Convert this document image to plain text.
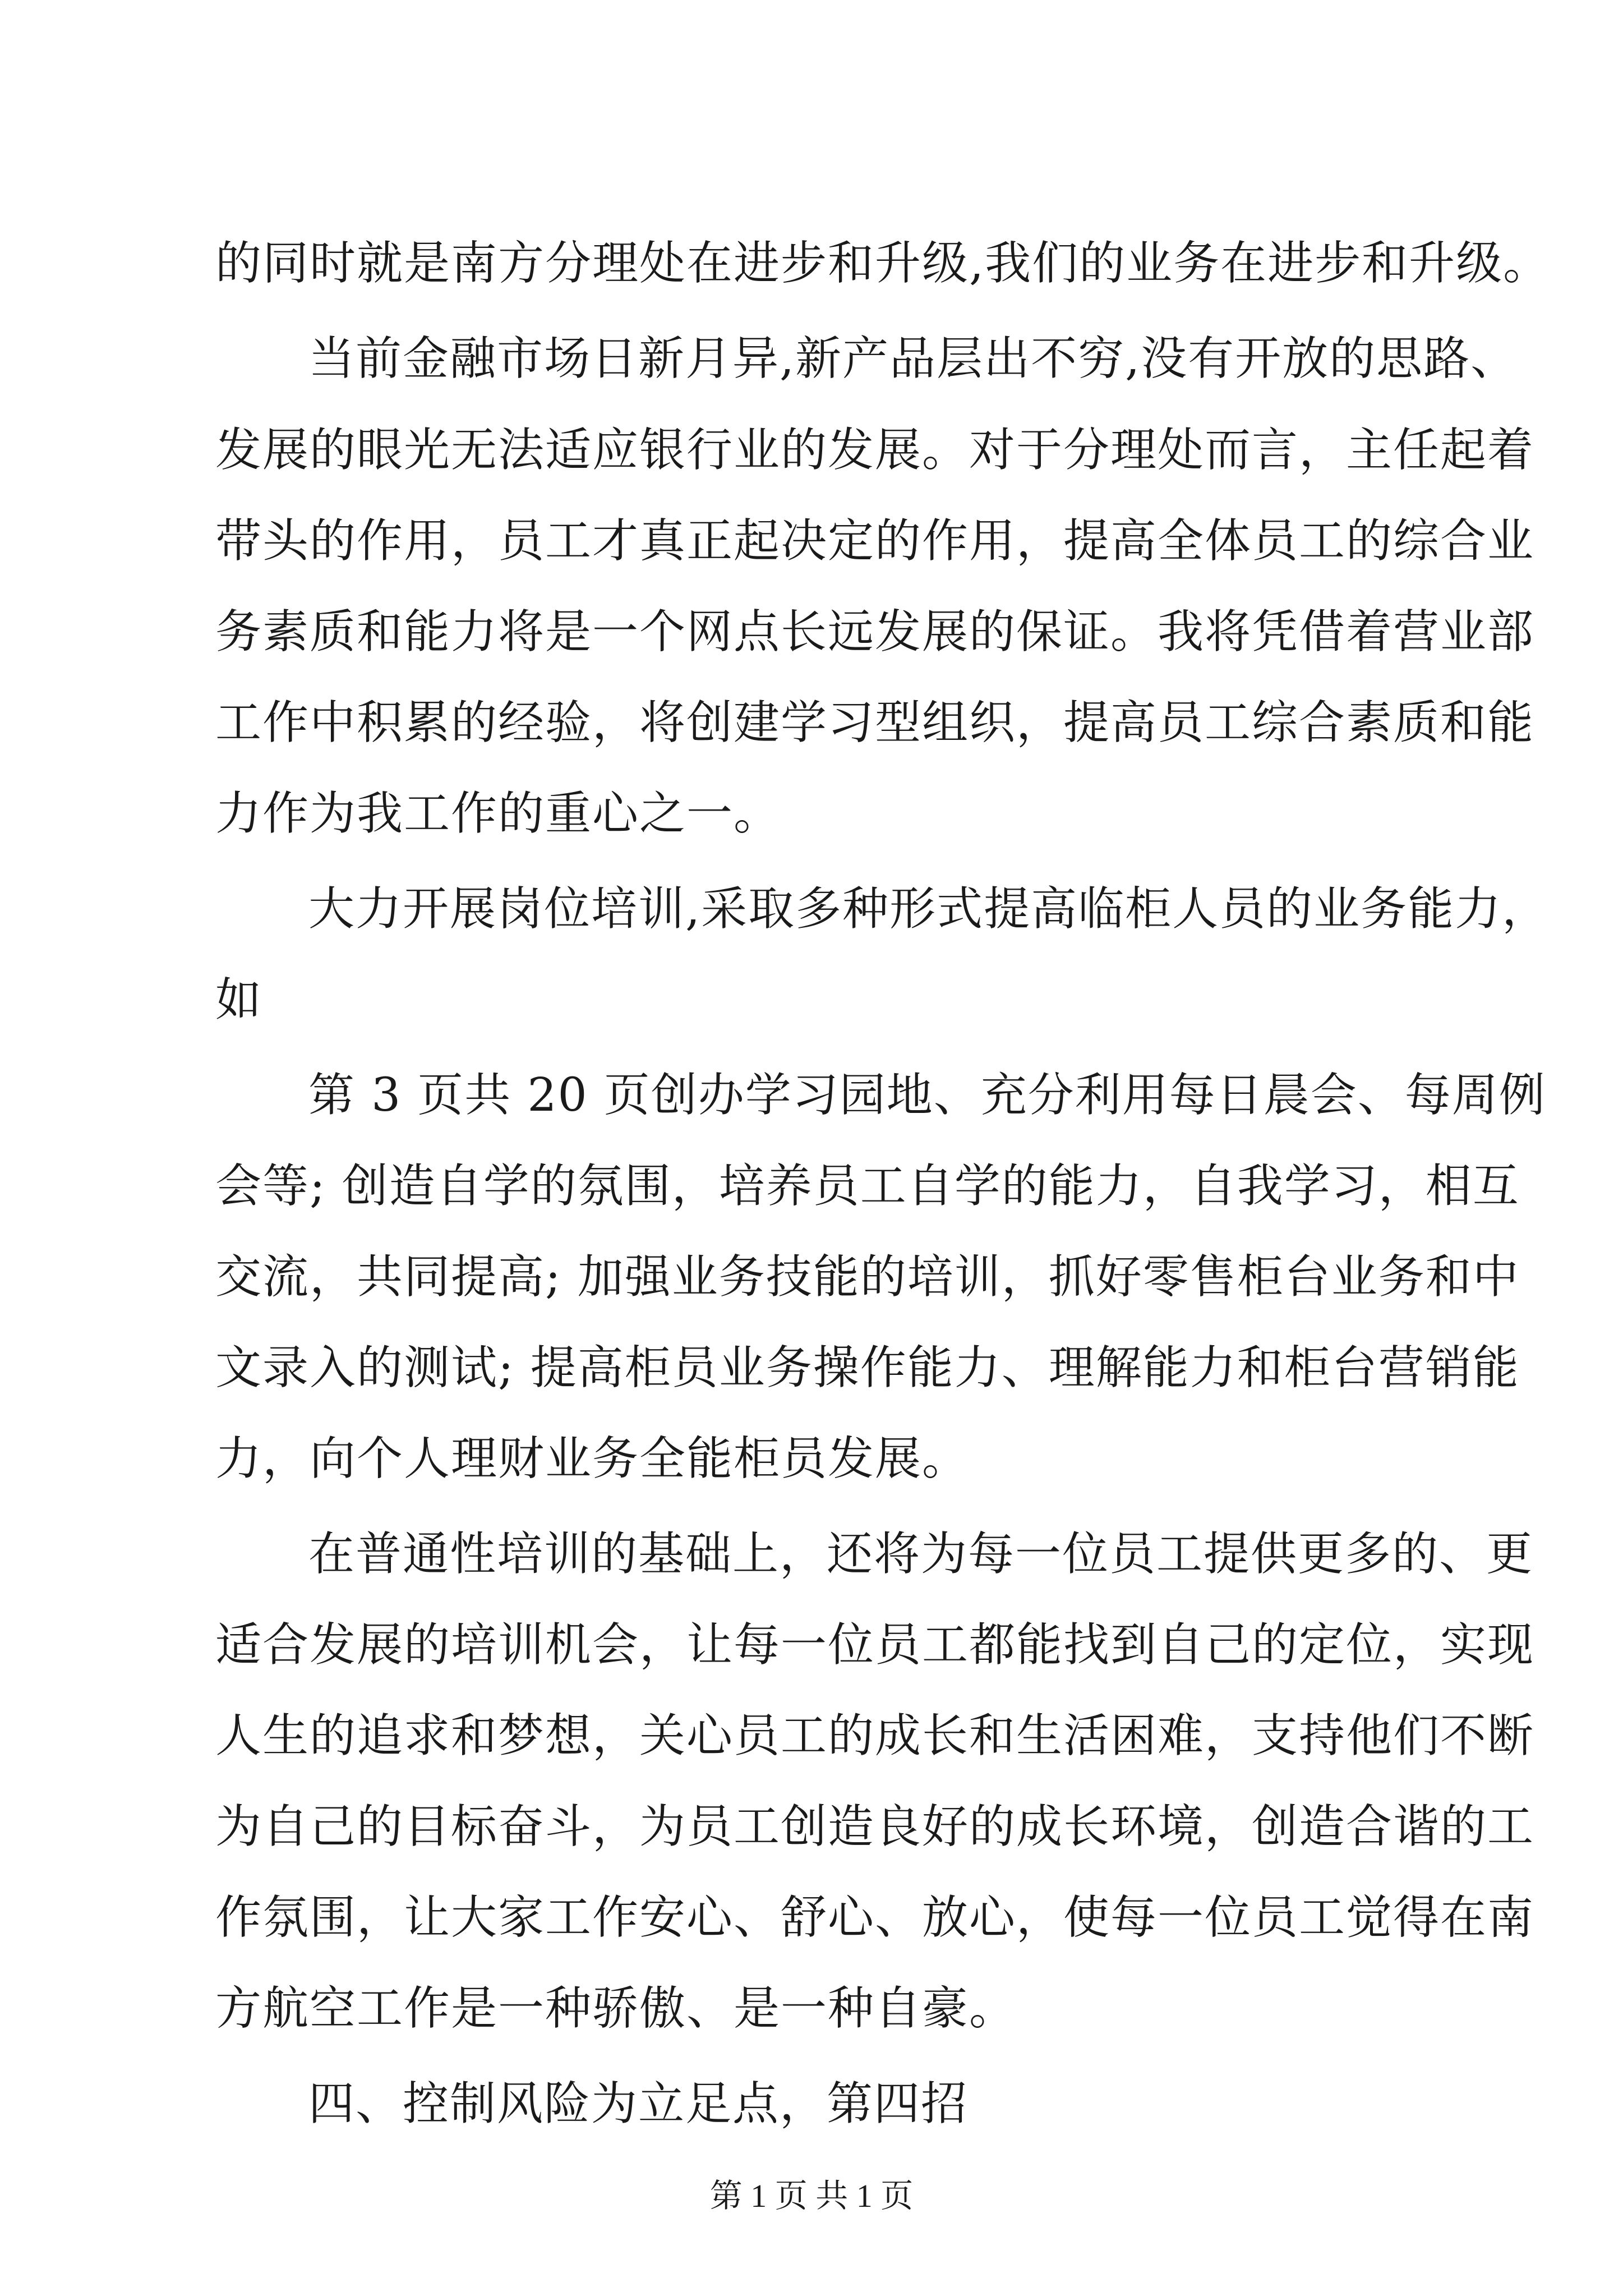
的同时就是南方分理处在进步和升级,我们的业务在进步和升级。
当前金融市场日新月异,新产品层出不穷,没有开放的思路、
发展的眼光无法适应银行业的发展。对于分理处而言，主任起着
带头的作用，员工才真正起决定的作用，提高全体员工的综合业
务素质和能力将是一个网点长远发展的保证。我将凭借着营业部
工作中积累的经验，将创建学习型组织，提高员工综合素质和能
力作为我工作的重心之一。
大力开展岗位培训,采取多种形式提高临柜人员的业务能力，
如
第 3 页共 20 页创办学习园地、充分利用每日晨会、每周例
会等; 创造自学的氛围，培养员工自学的能力，自我学习，相互
交流，共同提高; 加强业务技能的培训，抓好零售柜台业务和中
文录入的测试; 提高柜员业务操作能力、理解能力和柜台营销能
力，向个人理财业务全能柜员发展。
在普通性培训的基础上，还将为每一位员工提供更多的、更
适合发展的培训机会，让每一位员工都能找到自己的定位，实现
人生的追求和梦想，关心员工的成长和生活困难，支持他们不断
为自己的目标奋斗，为员工创造良好的成长环境，创造合谐的工
作氛围，让大家工作安心、舒心、放心，使每一位员工觉得在南
方航空工作是一种骄傲、是一种自豪。
第 1 页 共 1 页
四、控制风险为立足点，第四招
